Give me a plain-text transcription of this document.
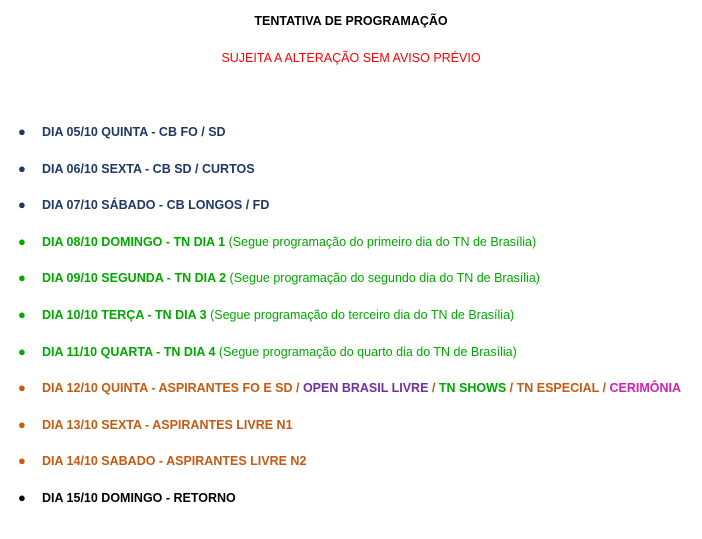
TENTATIVA DE PROGRAMAÇÃO
SUJEITA A ALTERAÇÃO SEM AVISO PRÉVIO
● DIA 05/10 QUINTA - CB FO / SD
● DIA 06/10 SEXTA - CB SD / CURTOS
● DIA 07/10 SÁBADO - CB LONGOS / FD
● DIA 08/10 DOMINGO - TN DIA 1 (Segue programação do primeiro dia do TN de Brasília)
● DIA 09/10 SEGUNDA - TN DIA 2 (Segue programação do segundo dia do TN de Brasília)
● DIA 10/10 TERÇA - TN DIA 3 (Segue programação do terceiro dia do TN de Brasília)
● DIA 11/10 QUARTA - TN DIA 4 (Segue programação do quarto dia do TN de Brasília)
● DIA 12/10 QUINTA - ASPIRANTES FO E SD / OPEN BRASIL LIVRE / TN SHOWS / TN ESPECIAL / CERIMÔNIA
● DIA 13/10 SEXTA - ASPIRANTES LIVRE N1
● DIA 14/10 SABADO - ASPIRANTES LIVRE N2
● DIA 15/10 DOMINGO - RETORNO
